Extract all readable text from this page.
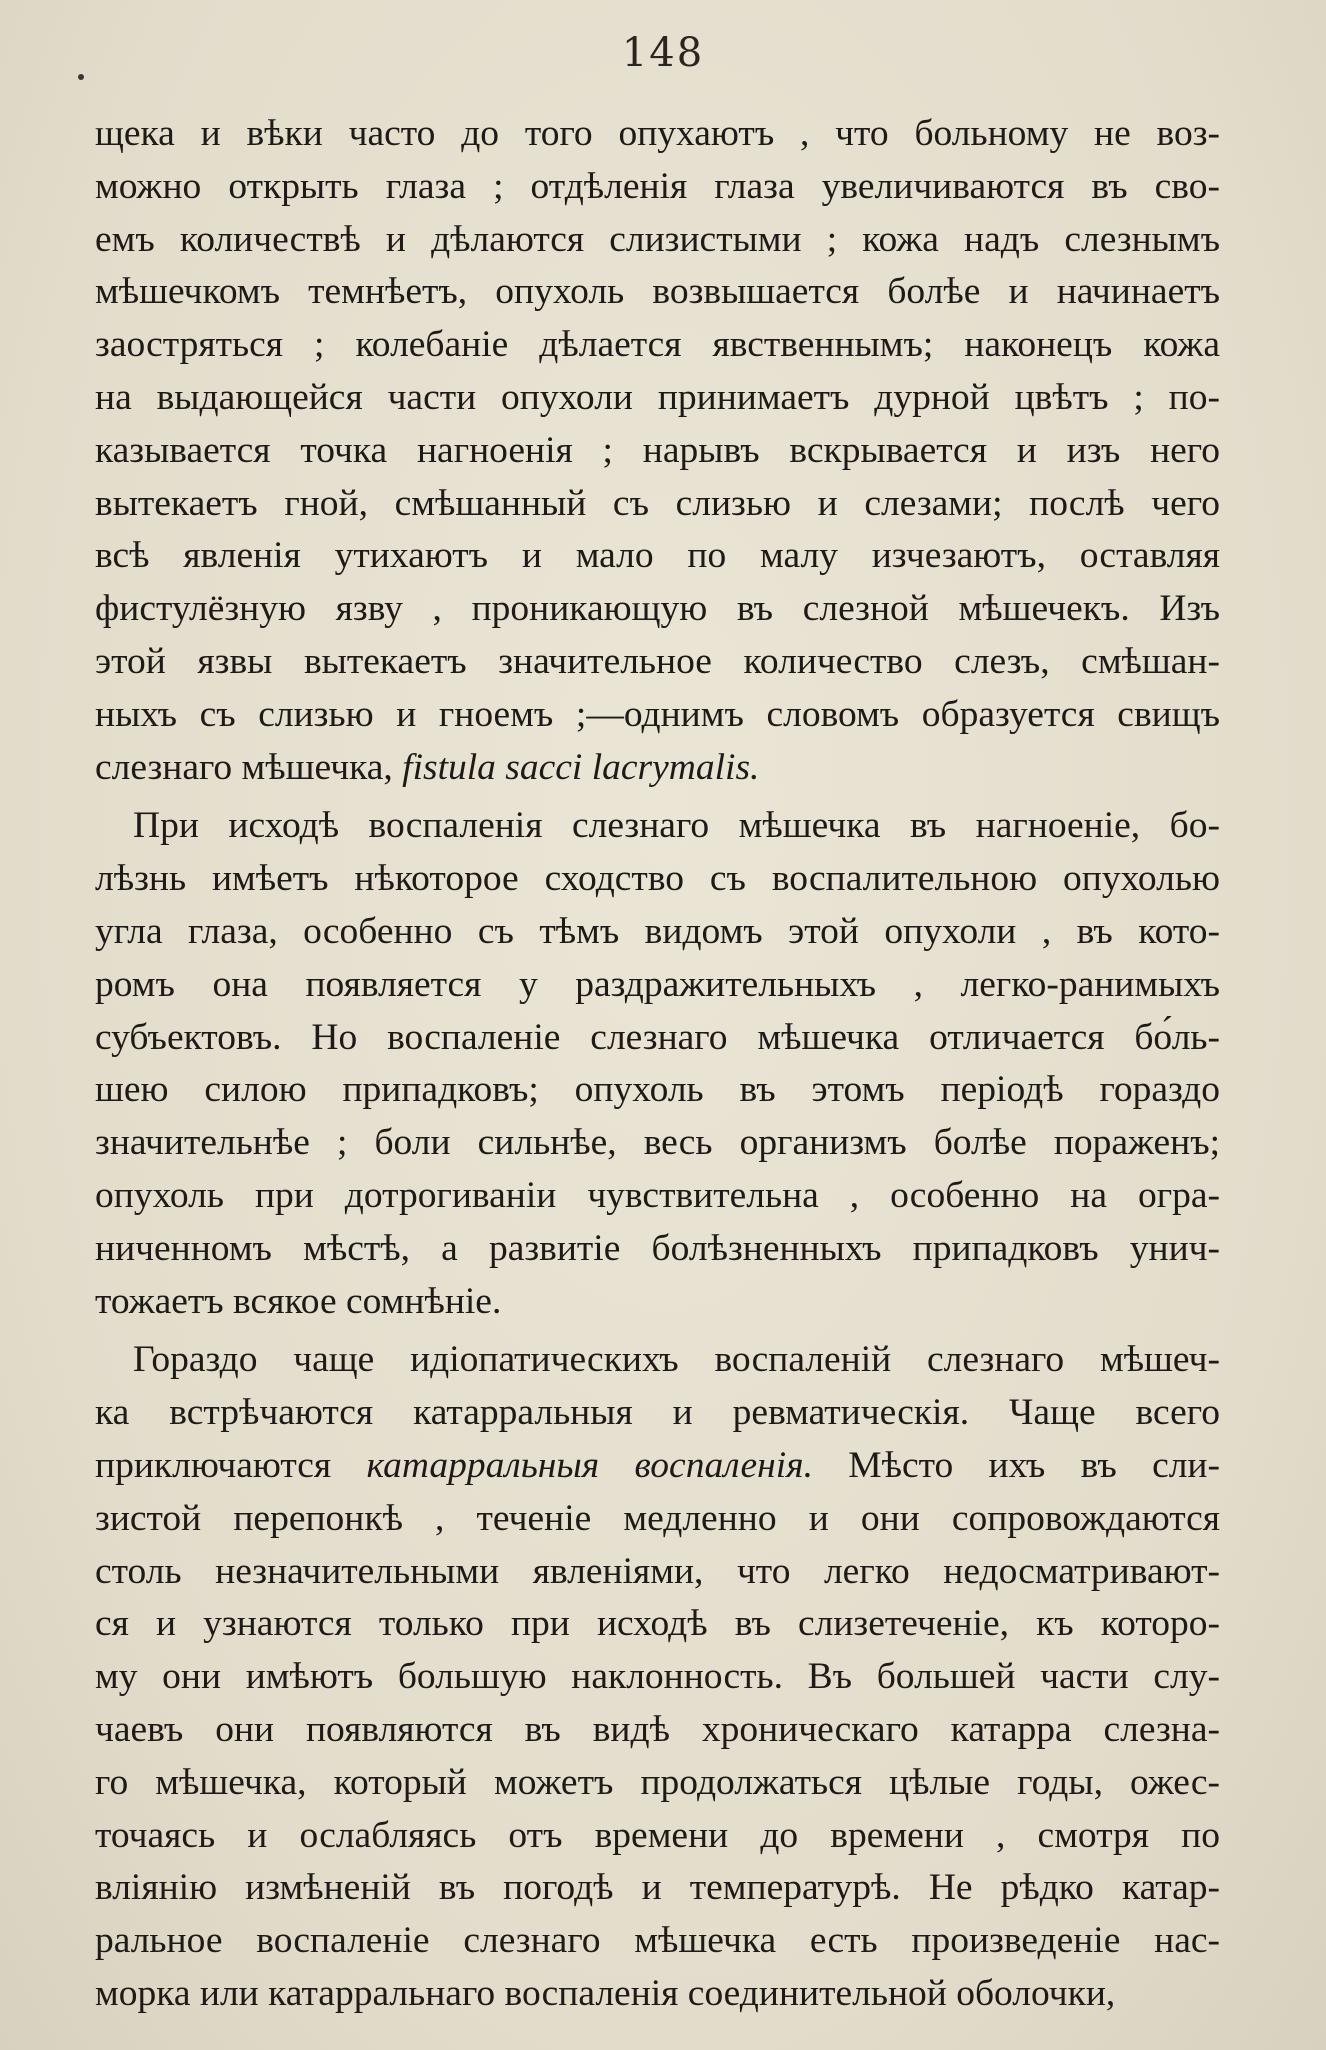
148
щека и вѣки часто до того опухаютъ , что больному не воз-
можно открыть глаза ; отдѣленія глаза увеличиваются въ сво-
емъ количествѣ и дѣлаются слизистыми ; кожа надъ слезнымъ
мѣшечкомъ темнѣетъ, опухоль возвышается болѣе и начинаетъ
заостряться ; колебаніе дѣлается явственнымъ; наконецъ кожа
на выдающейся части опухоли принимаетъ дурной цвѣтъ ; по-
казывается точка нагноенія ; нарывъ вскрывается и изъ него
вытекаетъ гной, смѣшанный съ слизью и слезами; послѣ чего
всѣ явленія утихаютъ и мало по малу изчезаютъ, оставляя
фистулёзную язву , проникающую въ слезной мѣшечекъ. Изъ
этой язвы вытекаетъ значительное количество слезъ, смѣшан-
ныхъ съ слизью и гноемъ ;—однимъ словомъ образуется свищъ
слезнаго мѣшечка, fistula sacci lacrymalis.
При исходѣ воспаленія слезнаго мѣшечка въ нагноеніе, бо-
лѣзнь имѣетъ нѣкоторое сходство съ воспалительною опухолью
угла глаза, особенно съ тѣмъ видомъ этой опухоли , въ кото-
ромъ она появляется у раздражительныхъ , легко-ранимыхъ
субъектовъ. Но воспаленіе слезнаго мѣшечка отличается бо́ль-
шею силою припадковъ; опухоль въ этомъ періодѣ гораздо
значительнѣе ; боли сильнѣе, весь организмъ болѣе пораженъ;
опухоль при дотрогиваніи чувствительна , особенно на огра-
ниченномъ мѣстѣ, а развитіе болѣзненныхъ припадковъ унич-
тожаетъ всякое сомнѣніе.
Гораздо чаще идіопатическихъ воспаленій слезнаго мѣшеч-
ка встрѣчаются катарральныя и ревматическія. Чаще всего
приключаются катарральныя воспаленія. Мѣсто ихъ въ сли-
зистой перепонкѣ , теченіе медленно и они сопровождаются
столь незначительными явленіями, что легко недосматривают-
ся и узнаются только при исходѣ въ слизетеченіе, къ которо-
му они имѣютъ большую наклонность. Въ большей части слу-
чаевъ они появляются въ видѣ хроническаго катарра слезна-
го мѣшечка, который можетъ продолжаться цѣлые годы, ожес-
точаясь и ослабляясь отъ времени до времени , смотря по
вліянію измѣненій въ погодѣ и температурѣ. Не рѣдко катар-
ральное воспаленіе слезнаго мѣшечка есть произведеніе нас-
морка или катарральнаго воспаленія соединительной оболочки,
